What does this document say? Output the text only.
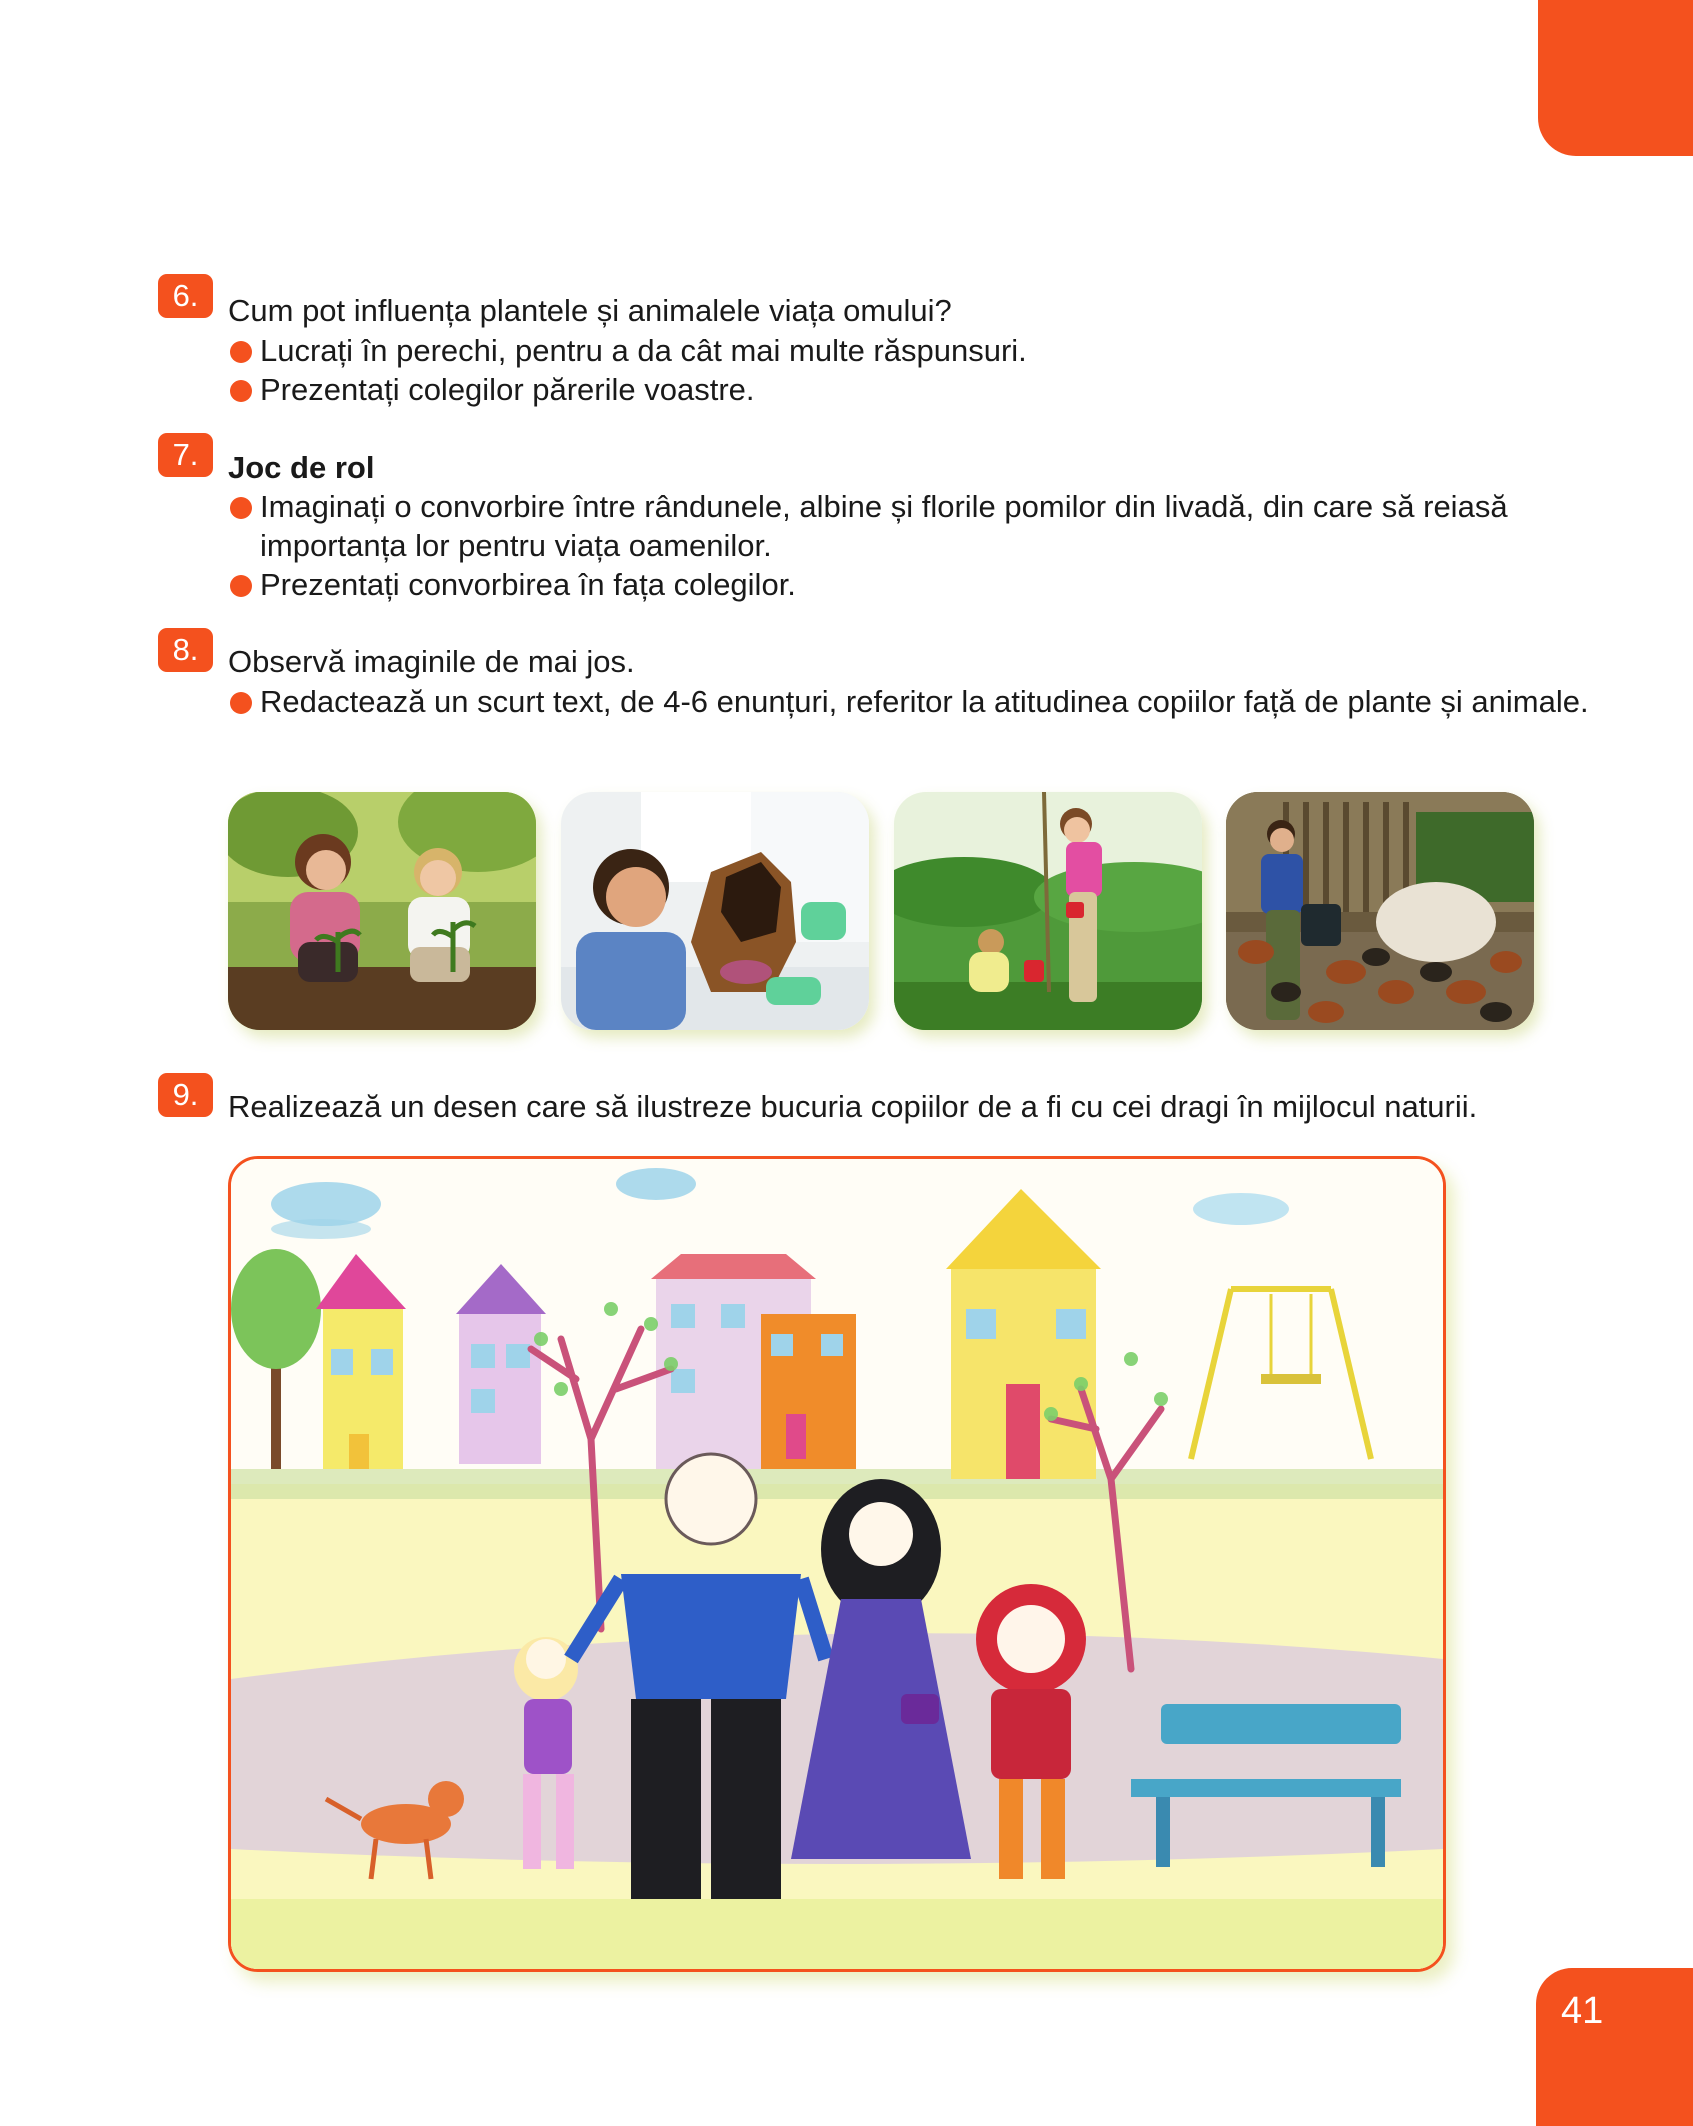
6. Cum pot influența plantele și animalele viața omului?
Lucrați în perechi, pentru a da cât mai multe răspunsuri.
Prezentați colegilor părerile voastre.
7. Joc de rol
Imaginați o convorbire între rândunele, albine și florile pomilor din livadă, din care să reiasă importanța lor pentru viața oamenilor.
Prezentați convorbirea în fața colegilor.
8. Observă imaginile de mai jos.
Redactează un scurt text, de 4-6 enunțuri, referitor la atitudinea copiilor față de plante și animale.
9. Realizează un desen care să ilustreze bucuria copiilor de a fi cu cei dragi în mijlocul naturii.
41
